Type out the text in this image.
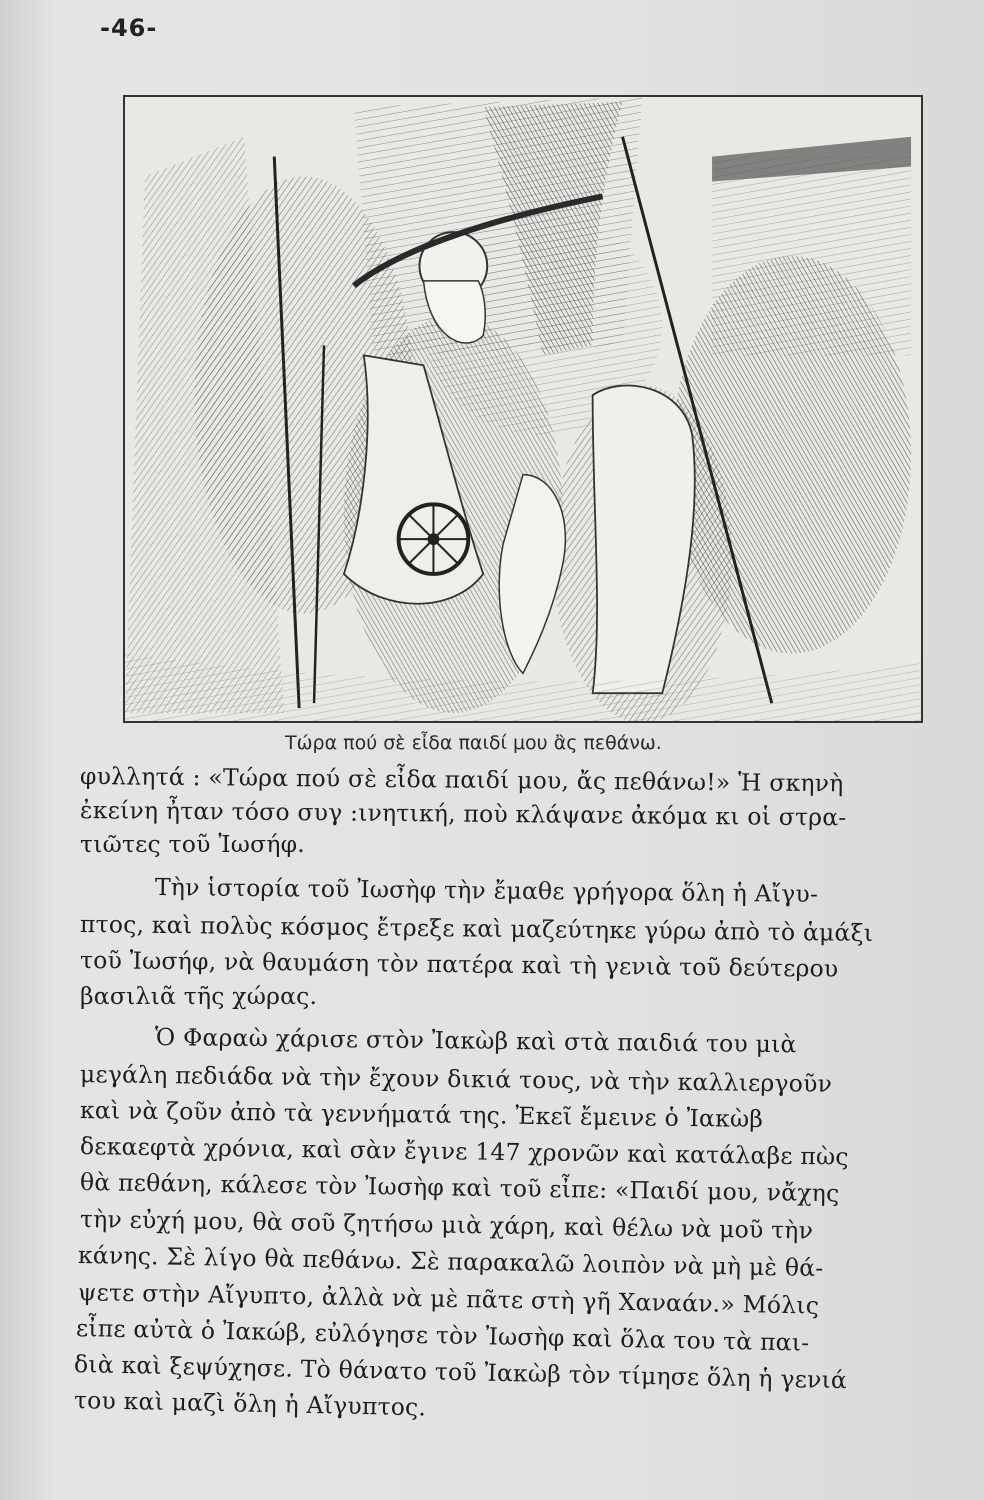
-46-
Τώρα πού σὲ εἶδα παιδί μου ἂς πεθάνω.
φυλλητά : «Τώρα πού σὲ εἶδα παιδί μου, ἄς πεθάνω!» Ἡ σκηνὴ
ἐκείνη ἦταν τόσο συγ :ινητική, ποὺ κλάψανε ἀκόμα κι οἱ στρα-
τιῶτες τοῦ Ἰωσήφ.
Τὴν ἱστορία τοῦ Ἰωσὴφ τὴν ἔμαθε γρήγορα ὅλη ἡ Αἴγυ-
πτος, καὶ πολὺς κόσμος ἔτρεξε καὶ μαζεύτηκε γύρω ἀπὸ τὸ ἁμάξι
τοῦ Ἰωσήφ, νὰ θαυμάση τὸν πατέρα καὶ τὴ γενιὰ τοῦ δεύτερου
βασιλιᾶ τῆς χώρας.
Ὁ Φαραὼ χάρισε στὸν Ἰακὼβ καὶ στὰ παιδιά του μιὰ
μεγάλη πεδιάδα νὰ τὴν ἔχουν δικιά τους, νὰ τὴν καλλιεργοῦν
καὶ νὰ ζοῦν ἀπὸ τὰ γεννήματά της. Ἐκεῖ ἔμεινε ὁ Ἰακὼβ
δεκαεφτὰ χρόνια, καὶ σὰν ἔγινε 147 χρονῶν καὶ κατάλαβε πὼς
θὰ πεθάνη, κάλεσε τὸν Ἰωσὴφ καὶ τοῦ εἶπε: «Παιδί μου, νἄχης
τὴν εὐχή μου, θὰ σοῦ ζητήσω μιὰ χάρη, καὶ θέλω νὰ μοῦ τὴν
κάνης. Σὲ λίγο θὰ πεθάνω. Σὲ παρακαλῶ λοιπὸν νὰ μὴ μὲ θά-
ψετε στὴν Αἴγυπτο, ἀλλὰ νὰ μὲ πᾶτε στὴ γῆ Χαναάν.» Μόλις
εἶπε αὐτὰ ὁ Ἰακώβ, εὐλόγησε τὸν Ἰωσὴφ καὶ ὅλα του τὰ παι-
διὰ καὶ ξεψύχησε. Τὸ θάνατο τοῦ Ἰακὼβ τὸν τίμησε ὅλη ἡ γενιά
του καὶ μαζὶ ὅλη ἡ Αἴγυπτος.
